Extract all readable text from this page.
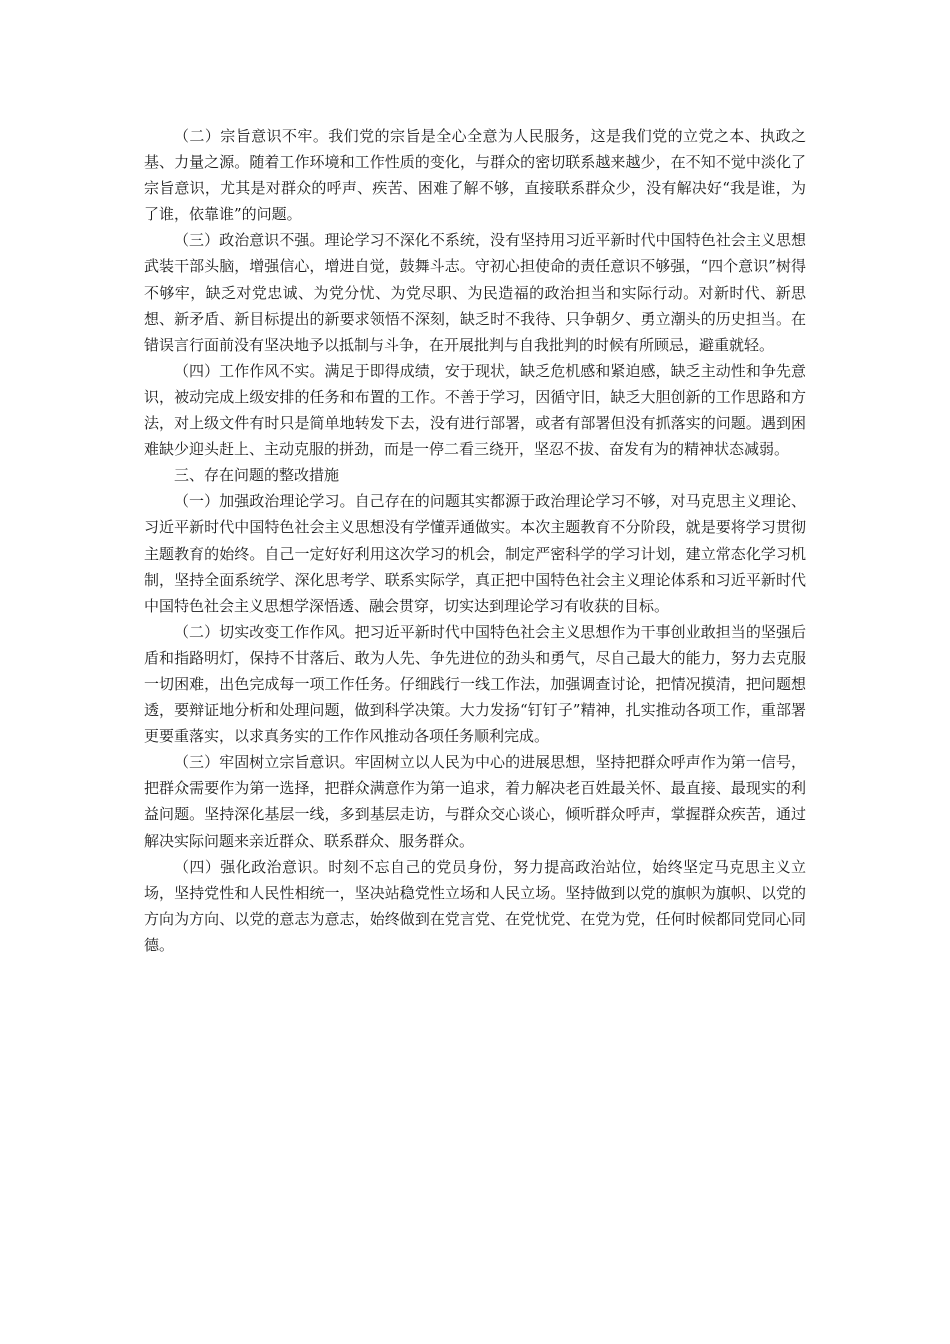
（二）宗旨意识不牢。我们党的宗旨是全心全意为人民服务，这是我们党的立党之本、执政之基、力量之源。随着工作环境和工作性质的变化，与群众的密切联系越来越少，在不知不觉中淡化了宗旨意识，尤其是对群众的呼声、疾苦、困难了解不够，直接联系群众少，没有解决好“我是谁，为了谁，依靠谁”的问题。

（三）政治意识不强。理论学习不深化不系统，没有坚持用习近平新时代中国特色社会主义思想武装干部头脑，增强信心，增进自觉，鼓舞斗志。守初心担使命的责任意识不够强，“四个意识”树得不够牢，缺乏对党忠诚、为党分忧、为党尽职、为民造福的政治担当和实际行动。对新时代、新思想、新矛盾、新目标提出的新要求领悟不深刻，缺乏时不我待、只争朝夕、勇立潮头的历史担当。在错误言行面前没有坚决地予以抵制与斗争，在开展批判与自我批判的时候有所顾忌，避重就轻。

（四）工作作风不实。满足于即得成绩，安于现状，缺乏危机感和紧迫感，缺乏主动性和争先意识，被动完成上级安排的任务和布置的工作。不善于学习，因循守旧，缺乏大胆创新的工作思路和方法，对上级文件有时只是简单地转发下去，没有进行部署，或者有部署但没有抓落实的问题。遇到困难缺少迎头赶上、主动克服的拼劲，而是一停二看三绕开，坚忍不拔、奋发有为的精神状态减弱。

三、存在问题的整改措施

（一）加强政治理论学习。自己存在的问题其实都源于政治理论学习不够，对马克思主义理论、习近平新时代中国特色社会主义思想没有学懂弄通做实。本次主题教育不分阶段，就是要将学习贯彻主题教育的始终。自己一定好好利用这次学习的机会，制定严密科学的学习计划，建立常态化学习机制，坚持全面系统学、深化思考学、联系实际学，真正把中国特色社会主义理论体系和习近平新时代中国特色社会主义思想学深悟透、融会贯穿，切实达到理论学习有收获的目标。

（二）切实改变工作作风。把习近平新时代中国特色社会主义思想作为干事创业敢担当的坚强后盾和指路明灯，保持不甘落后、敢为人先、争先进位的劲头和勇气，尽自己最大的能力，努力去克服一切困难，出色完成每一项工作任务。仔细践行一线工作法，加强调查讨论，把情况摸清，把问题想透，要辩证地分析和处理问题，做到科学决策。大力发扬“钉钉子”精神，扎实推动各项工作，重部署更要重落实，以求真务实的工作作风推动各项任务顺利完成。

（三）牢固树立宗旨意识。牢固树立以人民为中心的进展思想，坚持把群众呼声作为第一信号，把群众需要作为第一选择，把群众满意作为第一追求，着力解决老百姓最关怀、最直接、最现实的利益问题。坚持深化基层一线，多到基层走访，与群众交心谈心，倾听群众呼声，掌握群众疾苦，通过解决实际问题来亲近群众、联系群众、服务群众。

（四）强化政治意识。时刻不忘自己的党员身份，努力提高政治站位，始终坚定马克思主义立场，坚持党性和人民性相统一，坚决站稳党性立场和人民立场。坚持做到以党的旗帜为旗帜、以党的方向为方向、以党的意志为意志，始终做到在党言党、在党忧党、在党为党，任何时候都同党同心同德。
